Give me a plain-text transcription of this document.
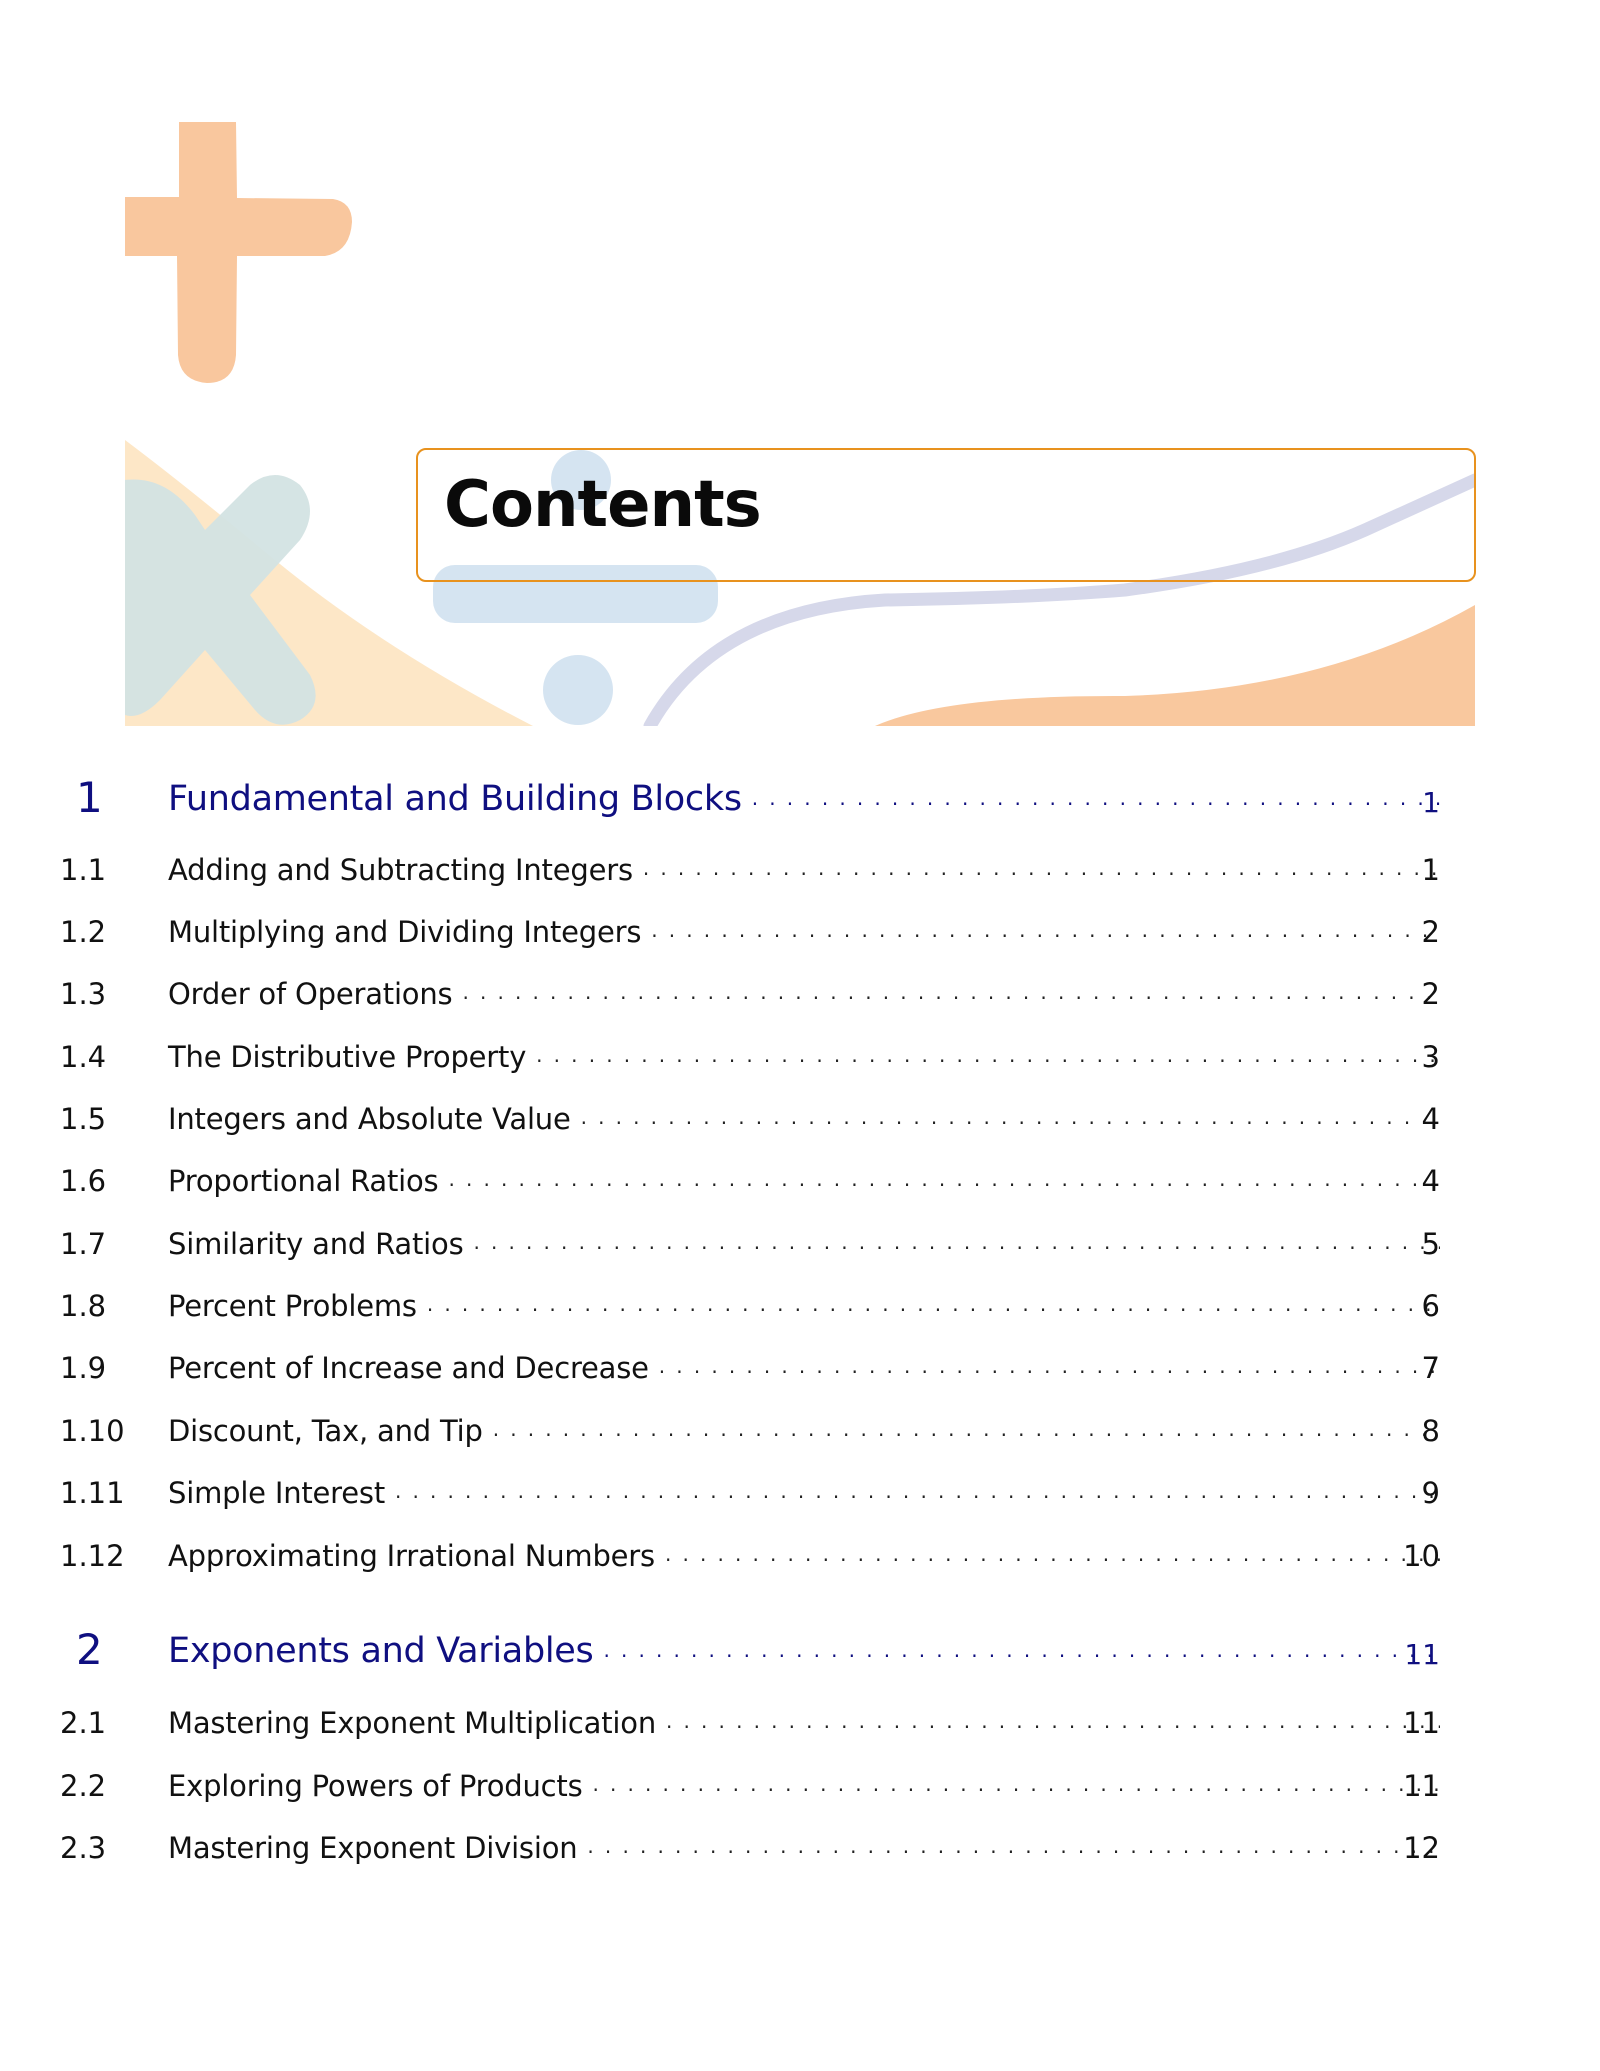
Contents
1 Fundamental and Building Blocks . . .	1
1.1 Adding and Subtracting Integers . . .	1
1.2 Multiplying and Dividing Integers . . .	2
1.3 Order of Operations . . .	2
1.4 The Distributive Property . . .	3
1.5 Integers and Absolute Value . . .	4
1.6 Proportional Ratios . . .	4
1.7 Similarity and Ratios . . .	5
1.8 Percent Problems . . .	6
1.9 Percent of Increase and Decrease . . .	7
1.10 Discount, Tax, and Tip . . .	8
1.11 Simple Interest . . .	9
1.12 Approximating Irrational Numbers . . .	10
2 Exponents and Variables . . .	11
2.1 Mastering Exponent Multiplication . . .	11
2.2 Exploring Powers of Products . . .	11
2.3 Mastering Exponent Division . . .	12
